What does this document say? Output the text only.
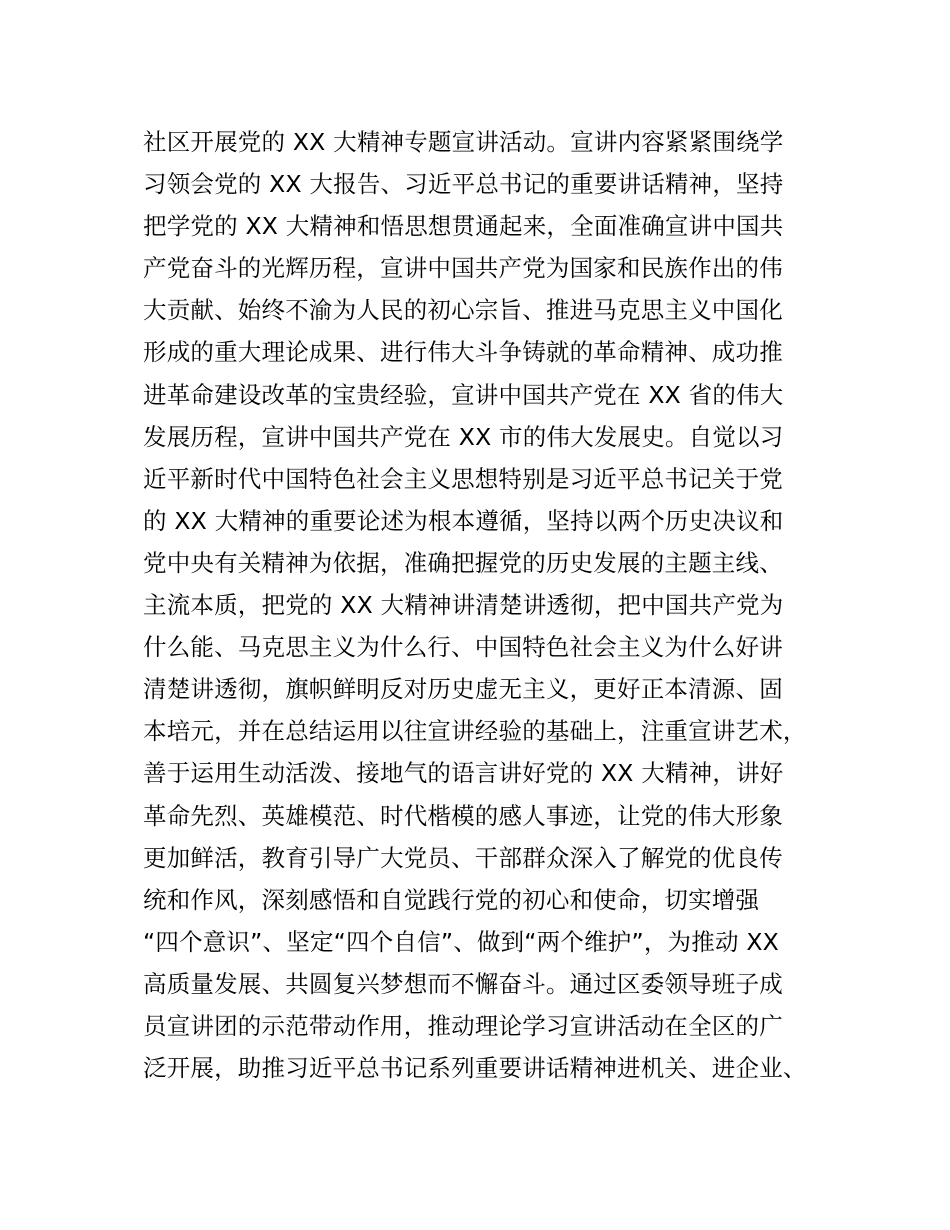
社区开展党的 XX 大精神专题宣讲活动。宣讲内容紧紧围绕学
习领会党的 XX 大报告、习近平总书记的重要讲话精神，坚持
把学党的 XX 大精神和悟思想贯通起来，全面准确宣讲中国共
产党奋斗的光辉历程，宣讲中国共产党为国家和民族作出的伟
大贡献、始终不渝为人民的初心宗旨、推进马克思主义中国化
形成的重大理论成果、进行伟大斗争铸就的革命精神、成功推
进革命建设改革的宝贵经验，宣讲中国共产党在 XX 省的伟大
发展历程，宣讲中国共产党在 XX 市的伟大发展史。自觉以习
近平新时代中国特色社会主义思想特别是习近平总书记关于党
的 XX 大精神的重要论述为根本遵循，坚持以两个历史决议和
党中央有关精神为依据，准确把握党的历史发展的主题主线、
主流本质，把党的 XX 大精神讲清楚讲透彻，把中国共产党为
什么能、马克思主义为什么行、中国特色社会主义为什么好讲
清楚讲透彻，旗帜鲜明反对历史虚无主义，更好正本清源、固
本培元，并在总结运用以往宣讲经验的基础上，注重宣讲艺术，
善于运用生动活泼、接地气的语言讲好党的 XX 大精神，讲好
革命先烈、英雄模范、时代楷模的感人事迹，让党的伟大形象
更加鲜活，教育引导广大党员、干部群众深入了解党的优良传
统和作风，深刻感悟和自觉践行党的初心和使命，切实增强
“四个意识”、坚定“四个自信”、做到“两个维护”，为推动 XX
高质量发展、共圆复兴梦想而不懈奋斗。通过区委领导班子成
员宣讲团的示范带动作用，推动理论学习宣讲活动在全区的广
泛开展，助推习近平总书记系列重要讲话精神进机关、进企业、
